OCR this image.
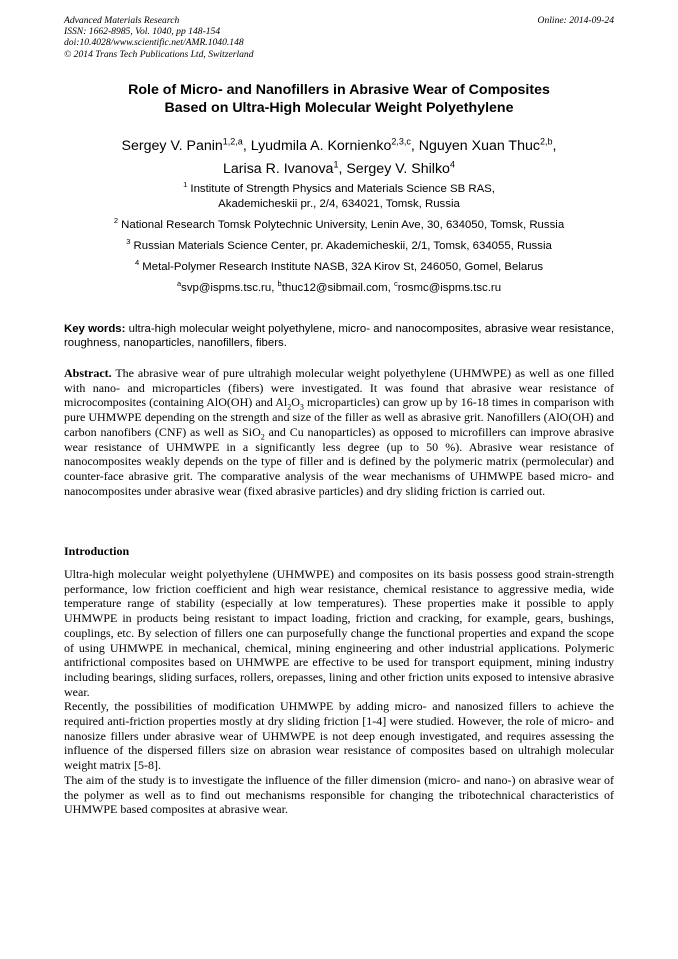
Advanced Materials Research
ISSN: 1662-8985, Vol. 1040, pp 148-154
doi:10.4028/www.scientific.net/AMR.1040.148
© 2014 Trans Tech Publications Ltd, Switzerland
Online: 2014-09-24
Role of Micro- and Nanofillers in Abrasive Wear of Composites
Based on Ultra-High Molecular Weight Polyethylene
Sergey V. Panin$^{1,2,a}$, Lyudmila A. Kornienko$^{2,3,c}$, Nguyen Xuan Thuc$^{2,b}$,
Larisa R. Ivanova$^1$, Sergey V. Shilko$^4$

$^1$ Institute of Strength Physics and Materials Science SB RAS,
Akademicheskii pr., 2/4, 634021, Tomsk, Russia

$^2$ National Research Tomsk Polytechnic University, Lenin Ave, 30, 634050, Tomsk, Russia

$^3$ Russian Materials Science Center, pr. Akademicheskii, 2/1, Tomsk, 634055, Russia

$^4$ Metal-Polymer Research Institute NASB, 32A Kirov St, 246050, Gomel, Belarus

$^a$svp@ispms.tsc.ru, $^b$thuc12@sibmail.com, $^c$rosmc@ispms.tsc.ru

Key words: ultra-high molecular weight polyethylene, micro- and nanocomposites, abrasive wear resistance, roughness, nanoparticles, nanofillers, fibers.
Abstract. The abrasive wear of pure ultrahigh molecular weight polyethylene (UHMWPE) as well as one filled with nano- and microparticles (fibers) were investigated. It was found that abrasive wear resistance of microcomposites (containing AlO(OH) and $Al_2O_3$ microparticles) can grow up by 16-18 times in comparison with pure UHMWPE depending on the strength and size of the filler as well as abrasive grit. Nanofillers (AlO(OH) and carbon nanofibers (CNF) as well as SiO$_2$ and Cu nanoparticles) as opposed to microfillers can improve abrasive wear resistance of UHMWPE in a significantly less degree (up to 50 %). Abrasive wear resistance of nanocomposites weakly depends on the type of filler and is defined by the polymeric matrix (permolecular) and counter-face abrasive grit. The comparative analysis of the wear mechanisms of UHMWPE based micro- and nanocomposites under abrasive wear (fixed abrasive particles) and dry sliding friction is carried out.
Introduction

Ultra-high molecular weight polyethylene (UHMWPE) and composites on its basis possess good strain-strength performance, low friction coefficient and high wear resistance, chemical resistance to aggressive media, wide temperature range of stability (especially at low temperatures). These properties make it possible to apply UHMWPE in products being resistant to impact loading, friction and cracking, for example, gears, bushings, couplings, etc. By selection of fillers one can purposefully change the functional properties and expand the scope of using UHMWPE in mechanical, chemical, mining engineering and other industrial applications. Polymeric antifrictional composites based on UHMWPE are effective to be used for transport equipment, mining industry including bearings, sliding surfaces, rollers, orepasses, lining and other friction units exposed to intensive abrasive wear.

Recently, the possibilities of modification UHMWPE by adding micro- and nanosized fillers to achieve the required anti-friction properties mostly at dry sliding friction [1-4] were studied. However, the role of micro- and nanosize fillers under abrasive wear of UHMWPE is not deep enough investigated, and requires assessing the influence of the dispersed fillers size on abrasion wear resistance of composites based on ultrahigh molecular weight matrix [5-8].

The aim of the study is to investigate the influence of the filler dimension (micro- and nano-) on abrasive wear of the polymer as well as to find out mechanisms responsible for changing the tribotechnical characteristics of UHMWPE based composites at abrasive wear.
